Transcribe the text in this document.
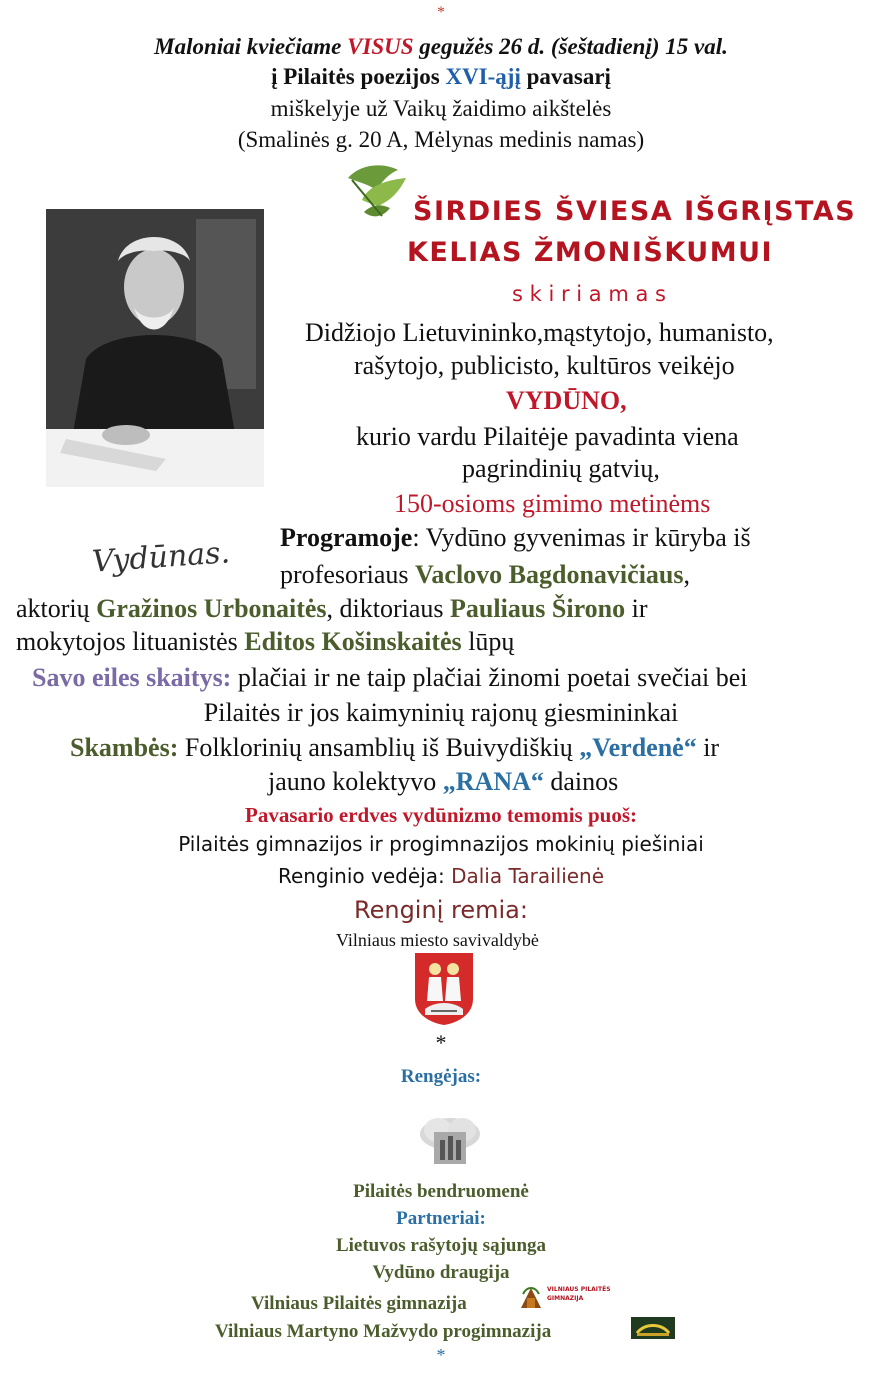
*
Maloniai kviečiame VISUS gegužės 26 d. (šeštadienį) 15 val.
į Pilaitės poezijos XVI-ąjį pavasarį
miškelyje už Vaikų žaidimo aikštelės
(Smalinės g. 20 A, Mėlynas medinis namas)
ŠIRDIES ŠVIESA IŠGRĮSTAS
KELIAS ŽMONIŠKUMUI
Vydūnas.
s k i r i a m a s
Didžiojo Lietuvininko,mąstytojo, humanisto,
rašytojo, publicisto, kultūros veikėjo
VYDŪNO,
kurio vardu Pilaitėje pavadinta viena
pagrindinių gatvių,
150-osioms gimimo metinėms
Programoje: Vydūno gyvenimas ir kūryba iš
profesoriaus Vaclovo Bagdonavičiaus,
aktorių Gražinos Urbonaitės, diktoriaus Pauliaus Širono ir
mokytojos lituanistės Editos Košinskaitės lūpų
Savo eiles skaitys: plačiai ir ne taip plačiai žinomi poetai svečiai bei
Pilaitės ir jos kaimyninių rajonų giesmininkai
Skambės: Folklorinių ansamblių iš Buivydiškių „Verdenė“ ir
jauno kolektyvo „RANA“ dainos
Pavasario erdves vydūnizmo temomis puoš:
Pilaitės gimnazijos ir progimnazijos mokinių piešiniai
Renginio vedėja: Dalia Tarailienė
Renginį remia:
Vilniaus miesto savivaldybė
*
Rengėjas:
Pilaitės bendruomenė
Partneriai:
Lietuvos rašytojų sąjunga
Vydūno draugija
Vilniaus Pilaitės gimnazija
VILNIAUS PILAITĖS GIMNAZIJA
Vilniaus Martyno Mažvydo progimnazija
*
